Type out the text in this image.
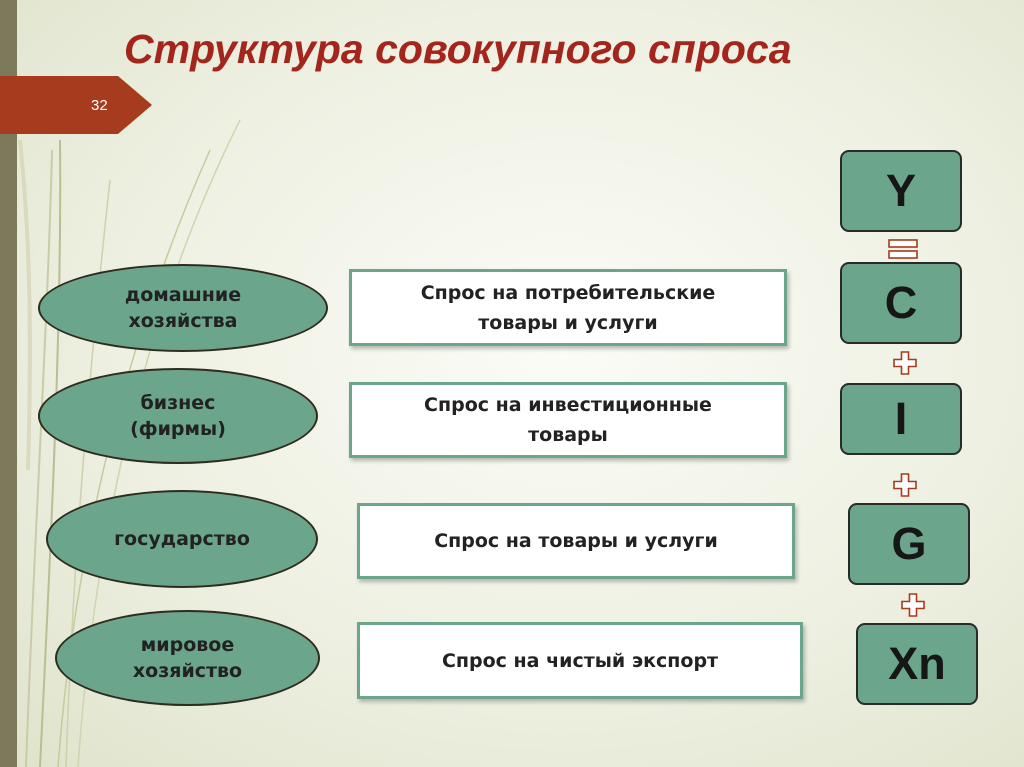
32
Структура совокупного спроса
домашние
хозяйства
бизнес
(фирмы)
государство
мировое
хозяйство
Спрос на потребительские
товары и услуги
Спрос на инвестиционные
товары
Спрос на товары и услуги
Спрос на чистый экспорт
Y
C
I
G
Xn
